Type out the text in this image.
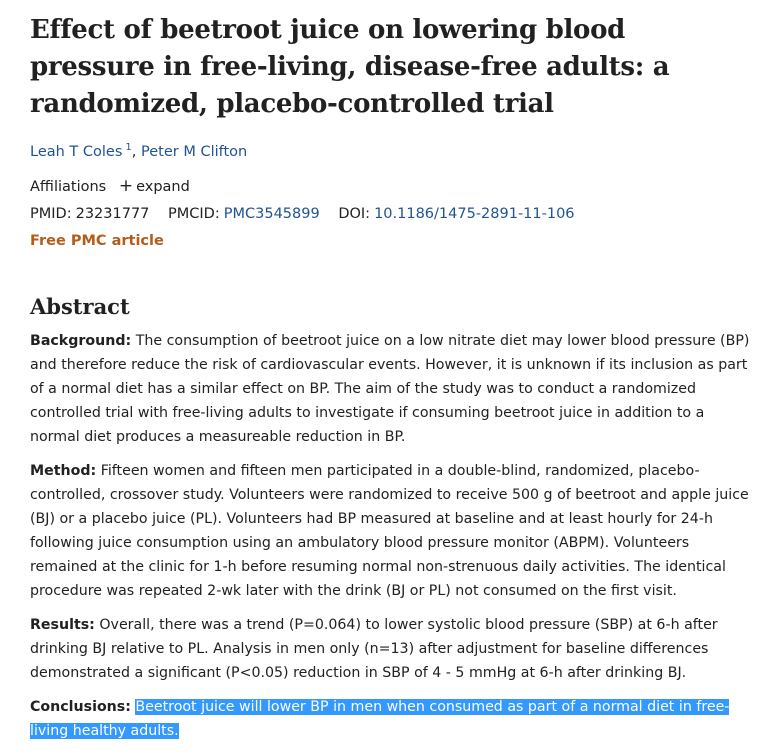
Effect of beetroot juice on lowering blood pressure in free-living, disease-free adults: a randomized, placebo-controlled trial
Leah T Coles $^1$, Peter M Clifton
Affiliations + expand
PMID: 23231777 PMCID: PMC3545899 DOI: 10.1186/1475-2891-11-106
Free PMC article
Abstract

Background: The consumption of beetroot juice on a low nitrate diet may lower blood pressure (BP) and therefore reduce the risk of cardiovascular events. However, it is unknown if its inclusion as part of a normal diet has a similar effect on BP. The aim of the study was to conduct a randomized controlled trial with free-living adults to investigate if consuming beetroot juice in addition to a normal diet produces a measureable reduction in BP.

Method: Fifteen women and fifteen men participated in a double-blind, randomized, placebo-controlled, crossover study. Volunteers were randomized to receive 500 g of beetroot and apple juice (BJ) or a placebo juice (PL). Volunteers had BP measured at baseline and at least hourly for 24-h following juice consumption using an ambulatory blood pressure monitor (ABPM). Volunteers remained at the clinic for 1-h before resuming normal non-strenuous daily activities. The identical procedure was repeated 2-wk later with the drink (BJ or PL) not consumed on the first visit.

Results: Overall, there was a trend (P=0.064) to lower systolic blood pressure (SBP) at 6-h after drinking BJ relative to PL. Analysis in men only (n=13) after adjustment for baseline differences demonstrated a significant (P<0.05) reduction in SBP of 4 - 5 mmHg at 6-h after drinking BJ.

Conclusions: Beetroot juice will lower BP in men when consumed as part of a normal diet in free-living healthy adults.
